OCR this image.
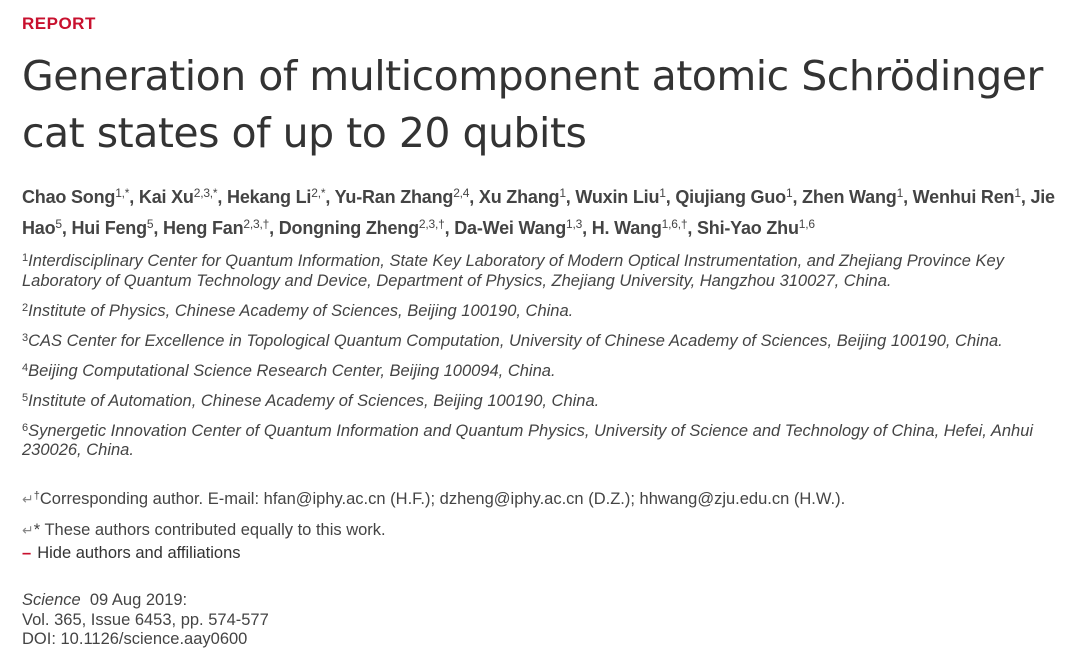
REPORT
Generation of multicomponent atomic Schrödinger cat states of up to 20 qubits
Chao Song$^{1,*}$, Kai $Xu^{2,3,*}$, Hekang $Li^{2,*}$, Yu-Ran Zhang$^{2,4}$, Xu Zhang$^1$, Wuxin Liu$^1$, Qiujiang Guo$^1$, Zhen Wang$^1$, Wenhui Ren$^1$, Jie Hao$^5$, Hui Feng$^5$, Heng Fan$^{2,3,\dagger}$, Dongning Zheng$^{2,3,\dagger}$, Da-Wei Wang$^{1,3}$, H. Wang$^{1,6,\dagger}$, Shi-Yao Zhu$^{1,6}$
$^1$Interdisciplinary Center for Quantum Information, State Key Laboratory of Modern Optical Instrumentation, and Zhejiang Province Key Laboratory of Quantum Technology and Device, Department of Physics, Zhejiang University, Hangzhou 310027, China.
$^2$Institute of Physics, Chinese Academy of Sciences, Beijing 100190, China.
$^3$CAS Center for Excellence in Topological Quantum Computation, University of Chinese Academy of Sciences, Beijing 100190, China.
$^4$Beijing Computational Science Research Center, Beijing 100094, China.
$^5$Institute of Automation, Chinese Academy of Sciences, Beijing 100190, China.
$^6$Synergetic Innovation Center of Quantum Information and Quantum Physics, University of Science and Technology of China, Hefei, Anhui 230026, China.
↵†Corresponding author. E-mail: hfan@iphy.ac.cn (H.F.); dzheng@iphy.ac.cn (D.Z.); hhwang@zju.edu.cn (H.W.).
↵* These authors contributed equally to this work.
– Hide authors and affiliations
Science 09 Aug 2019:
Vol. 365, Issue 6453, pp. 574-577
DOI: 10.1126/science.aay0600
